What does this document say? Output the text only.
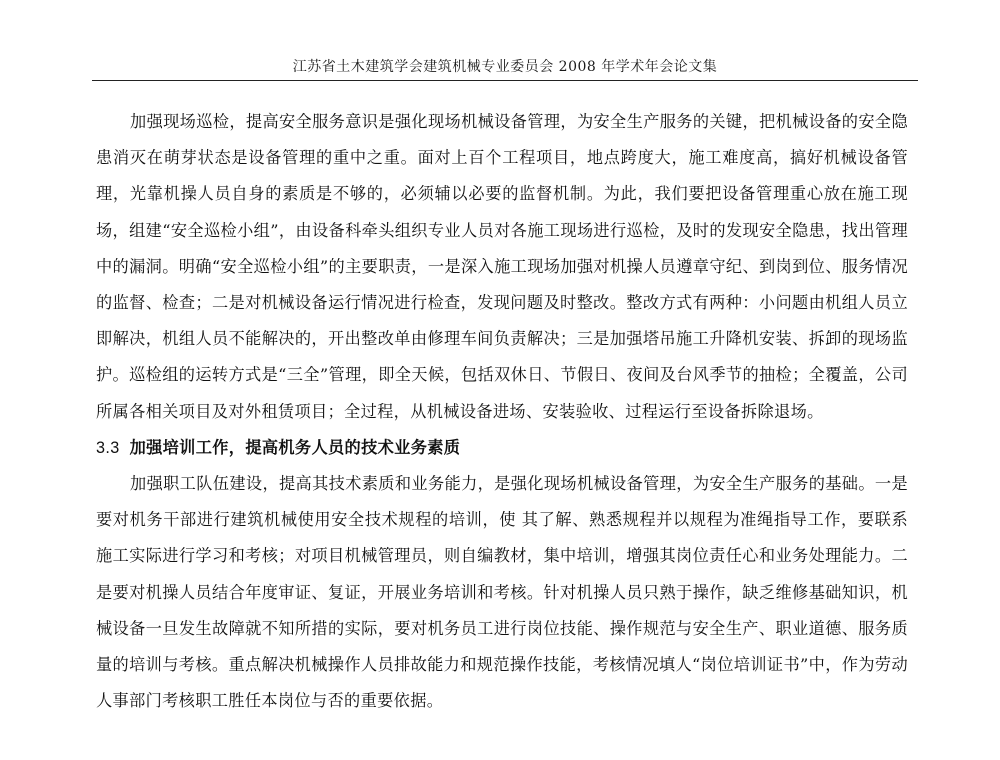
江苏省土木建筑学会建筑机械专业委员会 2008 年学术年会论文集

加强现场巡检，提高安全服务意识是强化现场机械设备管理，为安全生产服务的关键，把机械设备的安全隐患消灭在萌芽状态是设备管理的重中之重。面对上百个工程项目，地点跨度大，施工难度高，搞好机械设备管理，光靠机操人员自身的素质是不够的，必须辅以必要的监督机制。为此，我们要把设备管理重心放在施工现场，组建“安全巡检小组”，由设备科牵头组织专业人员对各施工现场进行巡检，及时的发现安全隐患，找出管理中的漏洞。明确“安全巡检小组”的主要职责，一是深入施工现场加强对机操人员遵章守纪、到岗到位、服务情况的监督、检查；二是对机械设备运行情况进行检查，发现问题及时整改。整改方式有两种：小问题由机组人员立即解决，机组人员不能解决的，开出整改单由修理车间负责解决；三是加强塔吊施工升降机安装、拆卸的现场监护。巡检组的运转方式是“三全”管理，即全天候，包括双休日、节假日、夜间及台风季节的抽检；全覆盖，公司所属各相关项目及对外租赁项目；全过程，从机械设备进场、安装验收、过程运行至设备拆除退场。

3.3 加强培训工作，提高机务人员的技术业务素质

加强职工队伍建设，提高其技术素质和业务能力，是强化现场机械设备管理，为安全生产服务的基础。一是要对机务干部进行建筑机械使用安全技术规程的培训，使 其了解、熟悉规程并以规程为准绳指导工作，要联系施工实际进行学习和考核；对项目机械管理员，则自编教材，集中培训，增强其岗位责任心和业务处理能力。二是要对机操人员结合年度审证、复证，开展业务培训和考核。针对机操人员只熟于操作，缺乏维修基础知识，机械设备一旦发生故障就不知所措的实际，要对机务员工进行岗位技能、操作规范与安全生产、职业道德、服务质量的培训与考核。重点解决机械操作人员排故能力和规范操作技能，考核情况填人“岗位培训证书”中，作为劳动人事部门考核职工胜任本岗位与否的重要依据。
